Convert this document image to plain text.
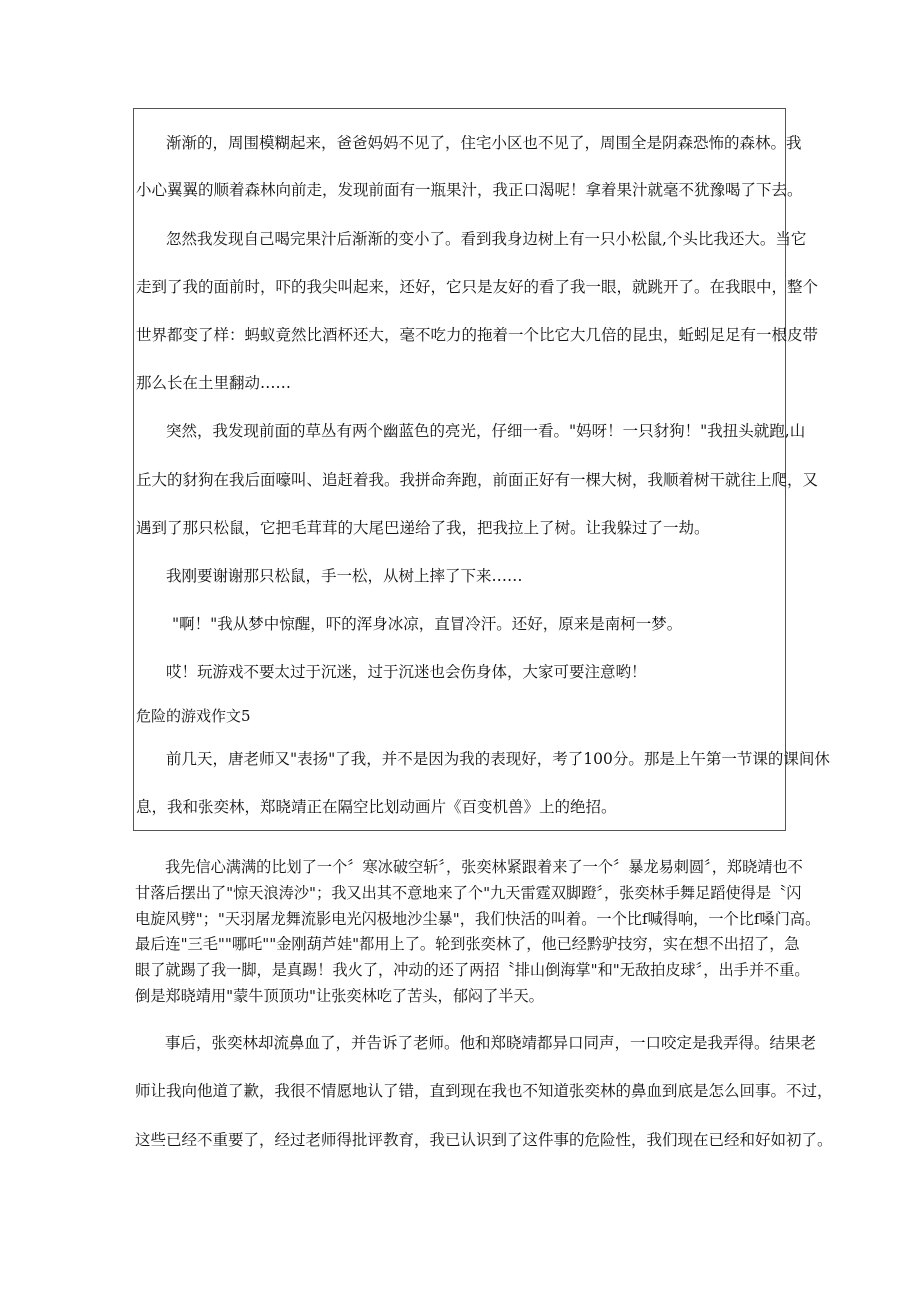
渐渐的，周围模糊起来，爸爸妈妈不见了，住宅小区也不见了，周围全是阴森恐怖的森林。我
小心翼翼的顺着森林向前走，发现前面有一瓶果汁，我正口渴呢！拿着果汁就毫不犹豫喝了下去。
忽然我发现自己喝完果汁后渐渐的变小了。看到我身边树上有一只小松鼠,个头比我还大。当它
走到了我的面前时，吓的我尖叫起来，还好，它只是友好的看了我一眼，就跳开了。在我眼中，整个
世界都变了样：蚂蚁竟然比酒杯还大，毫不吃力的拖着一个比它大几倍的昆虫，蚯蚓足足有一根皮带
那么长在土里翻动……
突然，我发现前面的草丛有两个幽蓝色的亮光，仔细一看。"妈呀！一只豺狗！"我扭头就跑,山
丘大的豺狗在我后面嚎叫、追赶着我。我拼命奔跑，前面正好有一棵大树，我顺着树干就往上爬，又
遇到了那只松鼠，它把毛茸茸的大尾巴递给了我，把我拉上了树。让我躲过了一劫。
我刚要谢谢那只松鼠，手一松，从树上摔了下来……
"啊！"我从梦中惊醒，吓的浑身冰凉，直冒冷汗。还好，原来是南柯一梦。
哎！玩游戏不要太过于沉迷，过于沉迷也会伤身体，大家可要注意哟！
危险的游戏作文5
前几天，唐老师又"表扬"了我，并不是因为我的表现好，考了100分。那是上午第一节课的课间休
息，我和张奕林，郑晓靖正在隔空比划动画片《百变机兽》上的绝招。
我先信心满满的比划了一个〞寒冰破空斩〞，张奕林紧跟着来了一个〞暴龙易刺圆〞，郑晓靖也不
甘落后摆出了"惊天浪涛沙"；我又出其不意地来了个"九天雷霆双脚蹬〞，张奕林手舞足蹈使得是〝闪
电旋风劈"；"天羽屠龙舞流影电光闪极地沙尘暴"，我们快活的叫着。一个比f喊得响，一个比f嗓门高。
最后连"三毛""哪吒""金刚葫芦娃"都用上了。轮到张奕林了，他已经黔驴技穷，实在想不出招了，急
眼了就踢了我一脚，是真踢！我火了，冲动的还了两招〝排山倒海掌"和"无敌拍皮球〞，出手并不重。
倒是郑晓靖用"蒙牛顶顶功"让张奕林吃了苦头，郁闷了半天。
事后，张奕林却流鼻血了，并告诉了老师。他和郑晓靖都异口同声，一口咬定是我弄得。结果老
师让我向他道了歉，我很不情愿地认了错，直到现在我也不知道张奕林的鼻血到底是怎么回事。不过，
这些已经不重要了，经过老师得批评教育，我已认识到了这件事的危险性，我们现在已经和好如初了。
